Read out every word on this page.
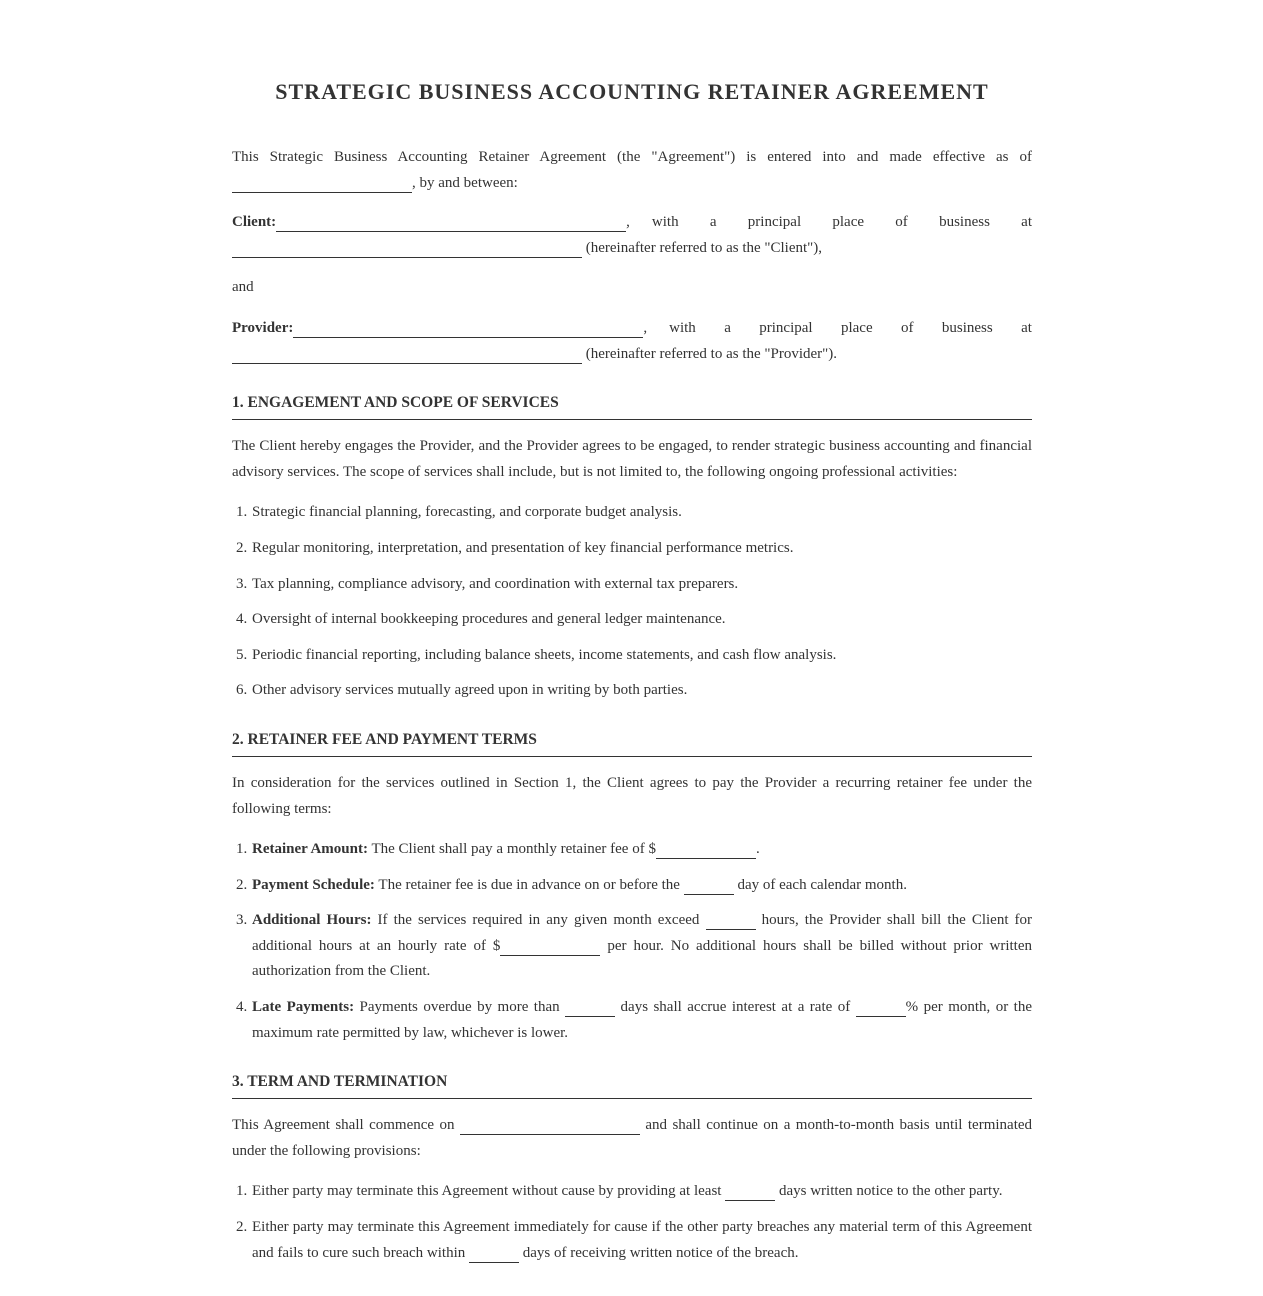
STRATEGIC BUSINESS ACCOUNTING RETAINER AGREEMENT

This Strategic Business Accounting Retainer Agreement (the "Agreement") is entered into and made effective as of , by and between:

Client:	, with a principal place of business at
(hereinafter referred to as the "Client"),

and

Provider:	, with a principal place of business at
(hereinafter referred to as the "Provider").

1. ENGAGEMENT AND SCOPE OF SERVICES

The Client hereby engages the Provider, and the Provider agrees to be engaged, to render strategic business accounting and financial advisory services. The scope of services shall include, but is not limited to, the following ongoing professional activities:

1. Strategic financial planning, forecasting, and corporate budget analysis.
2. Regular monitoring, interpretation, and presentation of key financial performance metrics.
3. Tax planning, compliance advisory, and coordination with external tax preparers.
4. Oversight of internal bookkeeping procedures and general ledger maintenance.
5. Periodic financial reporting, including balance sheets, income statements, and cash flow analysis.
6. Other advisory services mutually agreed upon in writing by both parties.
2. RETAINER FEE AND PAYMENT TERMS

In consideration for the services outlined in Section 1, the Client agrees to pay the Provider a recurring retainer fee under the following terms:

1. Retainer Amount: The Client shall pay a monthly retainer fee of $	.
2. Payment Schedule: The retainer fee is due in advance on or before the	day of each calendar month.
3. Additional Hours: If the services required in any given month exceed	hours, the Provider shall bill the Client for additional hours at an hourly rate of $	per hour. No additional hours shall be billed without prior written authorization from the Client.
4. Late Payments: Payments overdue by more than	days shall accrue interest at a rate of	% per month, or the maximum rate permitted by law, whichever is lower.
3. TERM AND TERMINATION

This Agreement shall commence on	and shall continue on a month-to-month basis until terminated under the following provisions:

1. Either party may terminate this Agreement without cause by providing at least	days written notice to the other party.
2. Either party may terminate this Agreement immediately for cause if the other party breaches any material term of this Agreement and fails to cure such breach within	days of receiving written notice of the breach.
